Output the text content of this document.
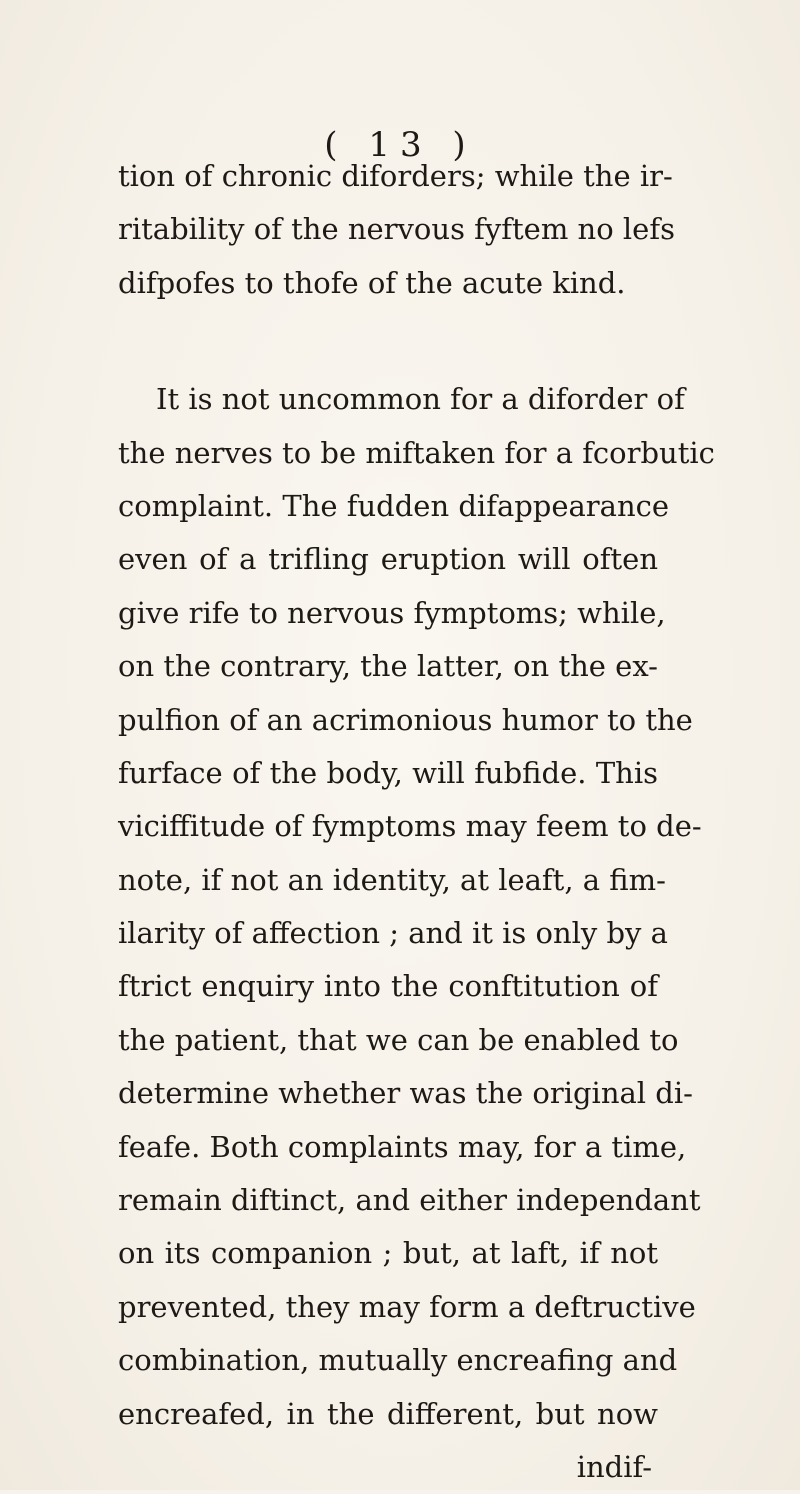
( 13 )
tion of chronic diforders; while the ir-
ritability of the nervous fyftem no lefs
difpofes to thofe of the acute kind.
It is not uncommon for a diforder of
the nerves to be miftaken for a fcorbutic
complaint. The fudden difappearance
even of a trifling eruption will often
give rife to nervous fymptoms; while,
on the contrary, the latter, on the ex-
pulfion of an acrimonious humor to the
furface of the body, will fubfide. This
viciffitude of fymptoms may feem to de-
note, if not an identity, at leaft, a fim-
ilarity of affection ; and it is only by a
ftrict enquiry into the conftitution of
the patient, that we can be enabled to
determine whether was the original di-
feafe. Both complaints may, for a time,
remain diftinct, and either independant
on its companion ; but, at laft, if not
prevented, they may form a deftructive
combination, mutually encreafing and
encreafed, in the different, but now
indif-
